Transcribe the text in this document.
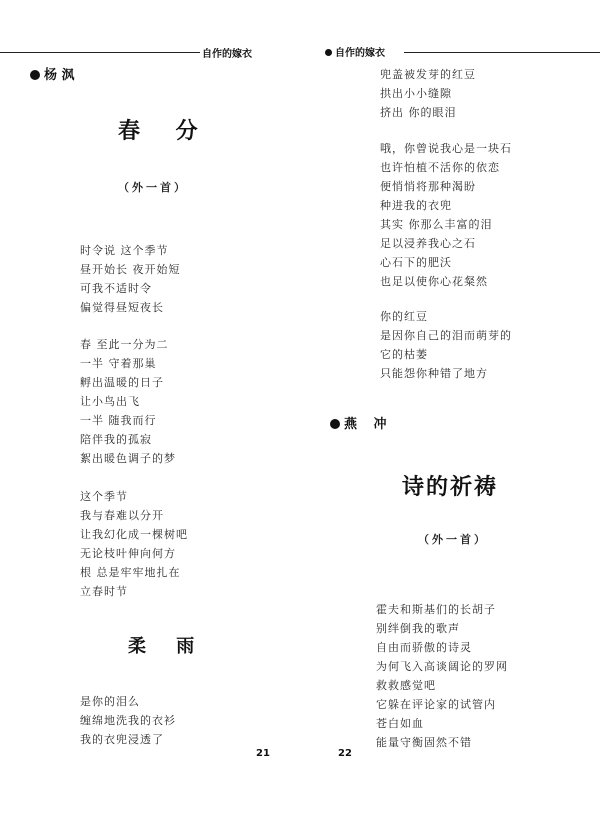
自作的嫁衣	自作的嫁衣
杨 沨
春 分
（外一首）
时令说 这个季节
昼开始长 夜开始短
可我不适时令
偏觉得昼短夜长
春 至此一分为二
一半 守着那巢
孵出温暖的日子
让小鸟出飞
一半 随我而行
陪伴我的孤寂
絮出暖色调子的梦
这个季节
我与春难以分开
让我幻化成一棵树吧
无论枝叶伸向何方
根 总是牢牢地扎在
立春时节
柔 雨
是你的泪么
缠绵地洗我的衣衫
我的衣兜浸透了
21
兜盖被发芽的红豆
拱出小小缝隙
挤出 你的眼泪
哦，你曾说我心是一块石
也许怕植不活你的依恋
便悄悄将那种渴盼
种进我的衣兜
其实 你那么丰富的泪
足以浸养我心之石
心石下的肥沃
也足以使你心花粲然
你的红豆
是因你自己的泪而萌芽的
它的枯萎
只能怨你种错了地方
燕 冲
诗的祈祷
（外一首）
霍夫和斯基们的长胡子
别绊倒我的歌声
自由而骄傲的诗灵
为何飞入高谈阔论的罗网
救救感觉吧
它躲在评论家的试管内
苍白如血
能量守衡固然不错
22
